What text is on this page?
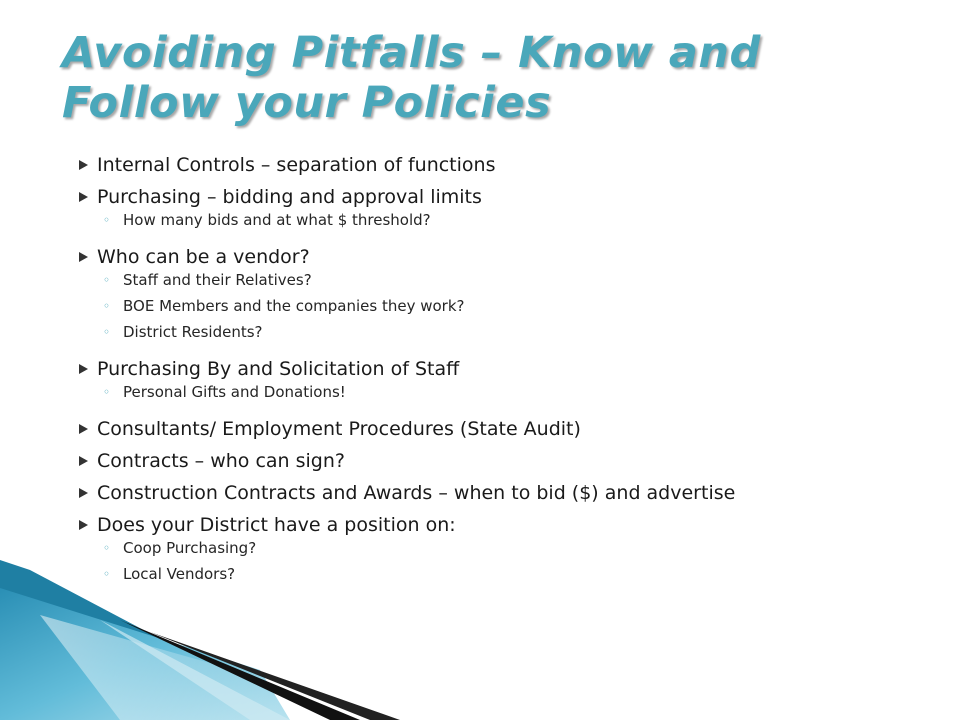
Avoiding Pitfalls – Know and
Follow your Policies
Internal Controls – separation of functions
Purchasing – bidding and approval limits
◦ How many bids and at what $ threshold?
Who can be a vendor?
◦ Staff and their Relatives?
◦ BOE Members and the companies they work?
◦ District Residents?
Purchasing By and Solicitation of Staff
◦ Personal Gifts and Donations!
Consultants/ Employment Procedures (State Audit)
Contracts – who can sign?
Construction Contracts and Awards – when to bid ($) and advertise
Does your District have a position on:
◦ Coop Purchasing?
◦ Local Vendors?
